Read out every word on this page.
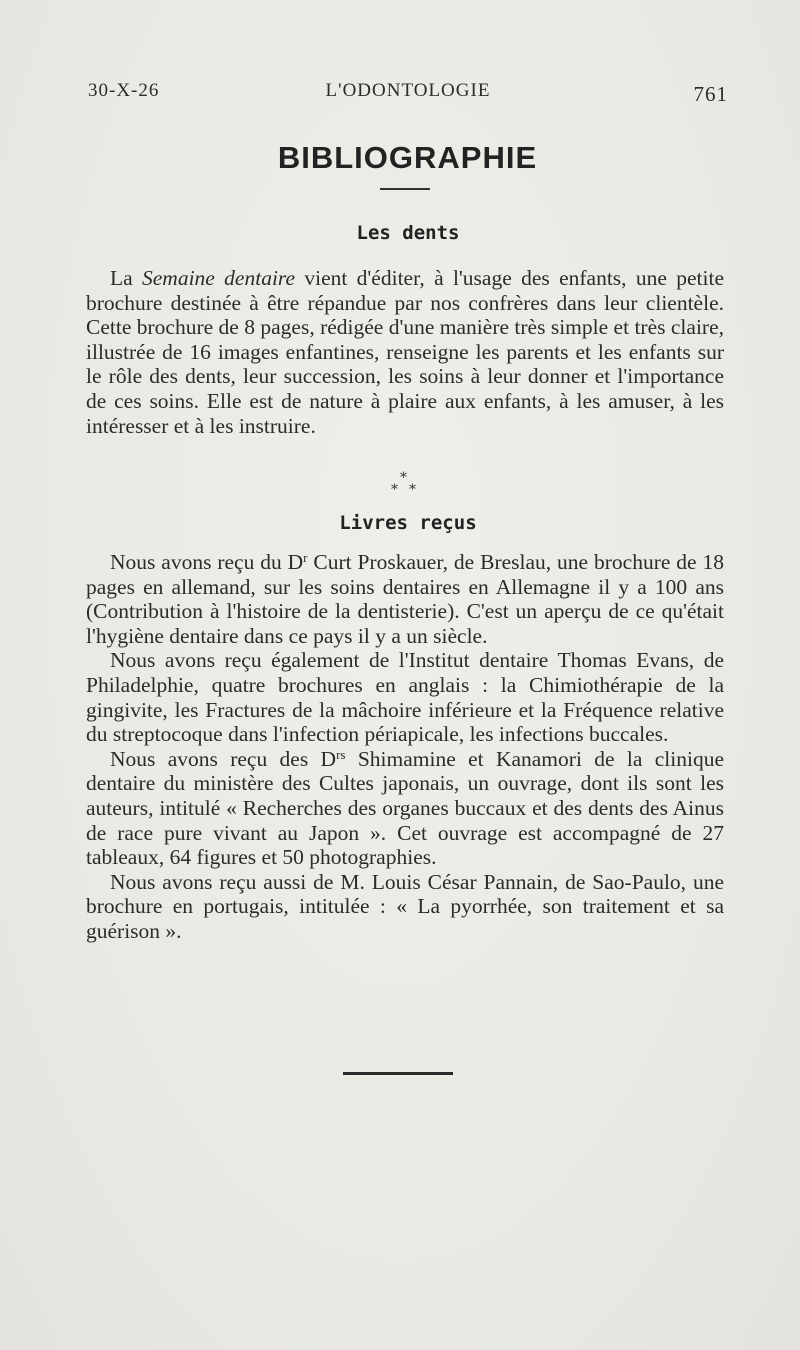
30-X-26	L'ODONTOLOGIE	761
BIBLIOGRAPHIE
Les dents

La Semaine dentaire vient d'éditer, à l'usage des enfants, une petite brochure destinée à être répandue par nos confrères dans leur clientèle. Cette brochure de 8 pages, rédigée d'une manière très simple et très claire, illustrée de 16 images enfantines, renseigne les parents et les enfants sur le rôle des dents, leur succession, les soins à leur donner et l'importance de ces soins. Elle est de nature à plaire aux enfants, à les amuser, à les intéresser et à les instruire.

*
* *
Livres reçus

Nous avons reçu du $D^r$ Curt Proskauer, de Breslau, une brochure de 18 pages en allemand, sur les soins dentaires en Allemagne il y a 100 ans (Contribution à l'histoire de la dentisterie). C'est un aperçu de ce qu'était l'hygiène dentaire dans ce pays il y a un siècle.

Nous avons reçu également de l'Institut dentaire Thomas Evans, de Philadelphie, quatre brochures en anglais : la Chimiothérapie de la gingivite, les Fractures de la mâchoire inférieure et la Fréquence relative du streptocoque dans l'infection périapicale, les infections buccales.

Nous avons reçu des $D^{rs}$ Shimamine et Kanamori de la clinique dentaire du ministère des Cultes japonais, un ouvrage, dont ils sont les auteurs, intitulé « Recherches des organes buccaux et des dents des Ainus de race pure vivant au Japon ». Cet ouvrage est accompagné de 27 tableaux, 64 figures et 50 photographies.

Nous avons reçu aussi de M. Louis César Pannain, de Sao-Paulo, une brochure en portugais, intitulée : « La pyorrhée, son traitement et sa guérison ».
